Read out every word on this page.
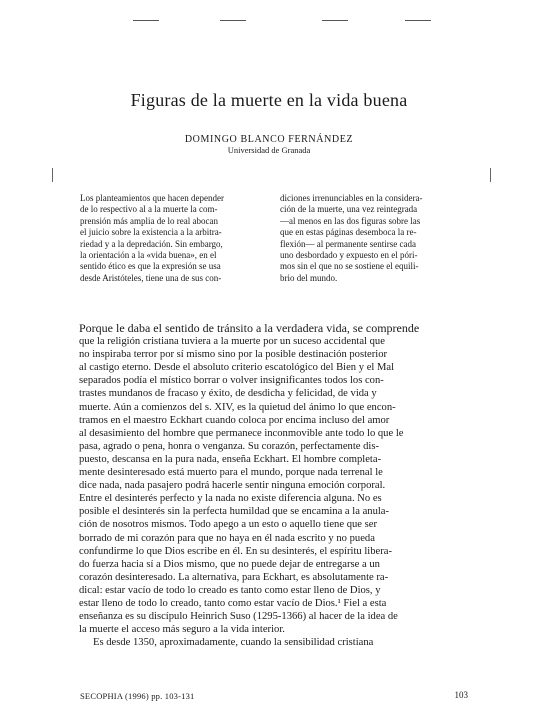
Figuras de la muerte en la vida buena
DOMINGO BLANCO FERNÁNDEZ
Universidad de Granada
Los planteamientos que hacen depender
de lo respectivo al a la muerte la com-
prensión más amplia de lo real abocan
el juicio sobre la existencia a la arbitra-
riedad y a la depredación. Sin embargo,
la orientación a la «vida buena», en el
sentido ético es que la expresión se usa
desde Aristóteles, tiene una de sus con-
diciones irrenunciables en la considera-
ción de la muerte, una vez reintegrada
—al menos en las dos figuras sobre las
que en estas páginas desemboca la re-
flexión— al permanente sentirse cada
uno desbordado y expuesto en el póri-
mos sin el que no se sostiene el equili-
brio del mundo.
Porque le daba el sentido de tránsito a la verdadera vida, se comprende
que la religión cristiana tuviera a la muerte por un suceso accidental que
no inspiraba terror por sí mismo sino por la posible destinación posterior
al castigo eterno. Desde el absoluto criterio escatológico del Bien y el Mal
separados podía el místico borrar o volver insignificantes todos los con-
trastes mundanos de fracaso y éxito, de desdicha y felicidad, de vida y
muerte. Aún a comienzos del s. XIV, es la quietud del ánimo lo que encon-
tramos en el maestro Eckhart cuando coloca por encima incluso del amor
al desasimiento del hombre que permanece inconmovible ante todo lo que le
pasa, agrado o pena, honra o venganza. Su corazón, perfectamente dis-
puesto, descansa en la pura nada, enseña Eckhart. El hombre completa-
mente desinteresado está muerto para el mundo, porque nada terrenal le
dice nada, nada pasajero podrá hacerle sentir ninguna emoción corporal.
Entre el desinterés perfecto y la nada no existe diferencia alguna. No es
posible el desinterés sin la perfecta humildad que se encamina a la anula-
ción de nosotros mismos. Todo apego a un esto o aquello tiene que ser
borrado de mi corazón para que no haya en él nada escrito y no pueda
confundirme lo que Dios escribe en él. En su desinterés, el espíritu libera-
do fuerza hacia sí a Dios mismo, que no puede dejar de entregarse a un
corazón desinteresado. La alternativa, para Eckhart, es absolutamente ra-
dical: estar vacío de todo lo creado es tanto como estar lleno de Dios, y
estar lleno de todo lo creado, tanto como estar vacío de Dios.¹ Fiel a esta
enseñanza es su discípulo Heinrich Suso (1295-1366) al hacer de la idea de
la muerte el acceso más seguro a la vida interior.
Es desde 1350, aproximadamente, cuando la sensibilidad cristiana
SECOPHIA (1996) pp. 103-131	103
